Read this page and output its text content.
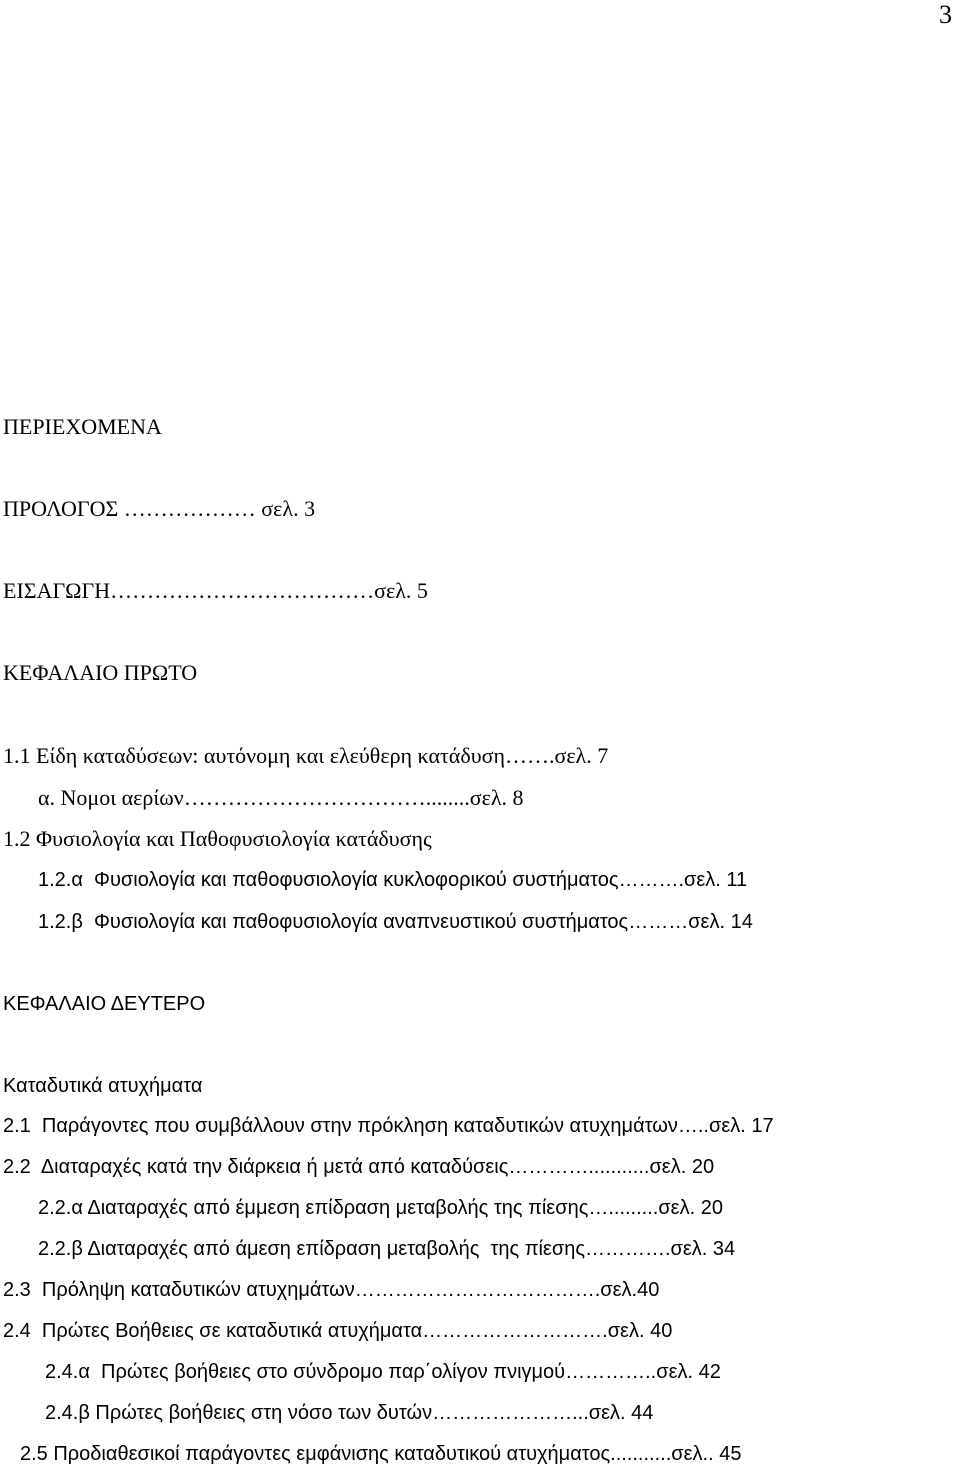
3
ΠΕΡΙΕΧΟΜΕΝΑ
ΠΡΟΛΟΓΟΣ ……………… σελ. 3
ΕΙΣΑΓΩΓΗ………………………………σελ. 5
ΚΕΦΑΛΑΙΟ ΠΡΩΤΟ
1.1 Είδη καταδύσεων: αυτόνομη και ελεύθερη κατάδυση…….σελ. 7
α. Νομοι αερίων……………………………........σελ. 8
1.2 Φυσιολογία και Παθοφυσιολογία κατάδυσης
1.2.α  Φυσιολογία και παθοφυσιολογία κυκλοφορικού συστήματος……….σελ. 11
1.2.β  Φυσιολογία και παθοφυσιολογία αναπνευστικού συστήματος………σελ. 14
ΚΕΦΑΛΑΙΟ ΔΕΥΤΕΡΟ
Καταδυτικά ατυχήματα
2.1  Παράγοντες που συμβάλλουν στην πρόκληση καταδυτικών ατυχημάτων…..σελ. 17
2.2  Διαταραχές κατά την διάρκεια ή μετά από καταδύσεις…………...........σελ. 20
2.2.α Διαταραχές από έμμεση επίδραση μεταβολής της πίεσης….........σελ. 20
2.2.β Διαταραχές από άμεση επίδραση μεταβολής  της πίεσης………….σελ. 34
2.3  Πρόληψη καταδυτικών ατυχημάτων……………………………….σελ.40
2.4  Πρώτες Βοήθειες σε καταδυτικά ατυχήματα……………………….σελ. 40
2.4.α  Πρώτες βοήθειες στο σύνδρομο παρ΄ολίγον πνιγμού…………..σελ. 42
2.4.β Πρώτες βοήθειες στη νόσο των δυτών…………………...σελ. 44
2.5 Προδιαθεσικοί παράγοντες εμφάνισης καταδυτικού ατυχήματος...........σελ.. 45
